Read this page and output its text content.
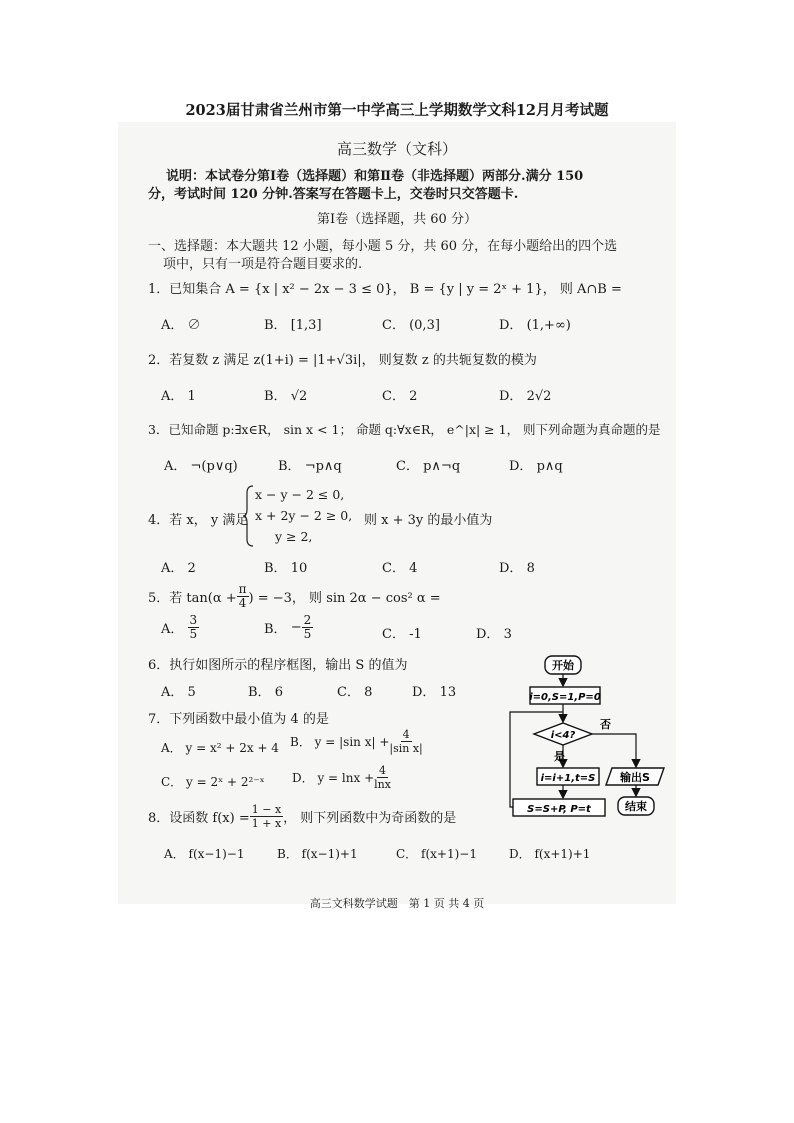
2023届甘肃省兰州市第一中学高三上学期数学文科12月月考试题
高三数学（文科）
说明：本试卷分第Ⅰ卷（选择题）和第Ⅱ卷（非选择题）两部分.满分 150
分，考试时间 120 分钟.答案写在答题卡上，交卷时只交答题卡.
第Ⅰ卷（选择题，共 60 分）
一、选择题：本大题共 12 小题，每小题 5 分，共 60 分，在每小题给出的四个选
项中，只有一项是符合题目要求的.
1．已知集合 A = {x | x² − 2x − 3 ≤ 0}， B = {y | y = 2ˣ + 1}， 则 A∩B =
A． ∅	B． [1,3]	C． (0,3]	D． (1,+∞)
2．若复数 z 满足 z(1+i) = |1+√3i|， 则复数 z 的共轭复数的模为
A． 1	B． √2	C． 2	D． 2√2
3．已知命题 p:∃x∈R， sin x < 1； 命题 q:∀x∈R， e^|x| ≥ 1， 则下列命题为真命题的是
A． ¬(p∨q)	B． ¬p∧q	C． p∧¬q	D． p∧q
4．若 x， y 满足
x − y − 2 ≤ 0,
x + 2y − 2 ≥ 0,
y ≥ 2,
则 x + 3y 的最小值为
A． 2	B． 10	C． 4	D． 8
5． 若 $\tan(\alpha + \frac{\pi}{4}$ ) = −3， 则 sin 2α − cos² α =
A．
$\frac{3}{5}$	B．
− $\frac{2}{5}$	C． -1	D． 3
6．执行如图所示的程序框图，输出 S 的值为
A． 5	B． 6	C． 8	D． 13
7．下列函数中最小值为 4 的是
A． y = x² + 2x + 4 B．
y = |sin $x| + \frac{4}{\text{|sin x|}}$
C． y = 2ˣ + 2²⁻ˣ D．
$y = \ln x + \frac{4}{\ln x}$
8． 设函数 $f(x) = \frac{1 - x}{1 + x}$ ， 则下列函数中为奇函数的是
A． f(x−1)−1	B． f(x−1)+1	C． f(x+1)−1	D． f(x+1)+1
开始
i=0,S=1,P=0
i<4?
否
是
i=i+1,t=S
S=S+P, P=t
输出S
结束
高三文科数学试题　第 1 页 共 4 页
